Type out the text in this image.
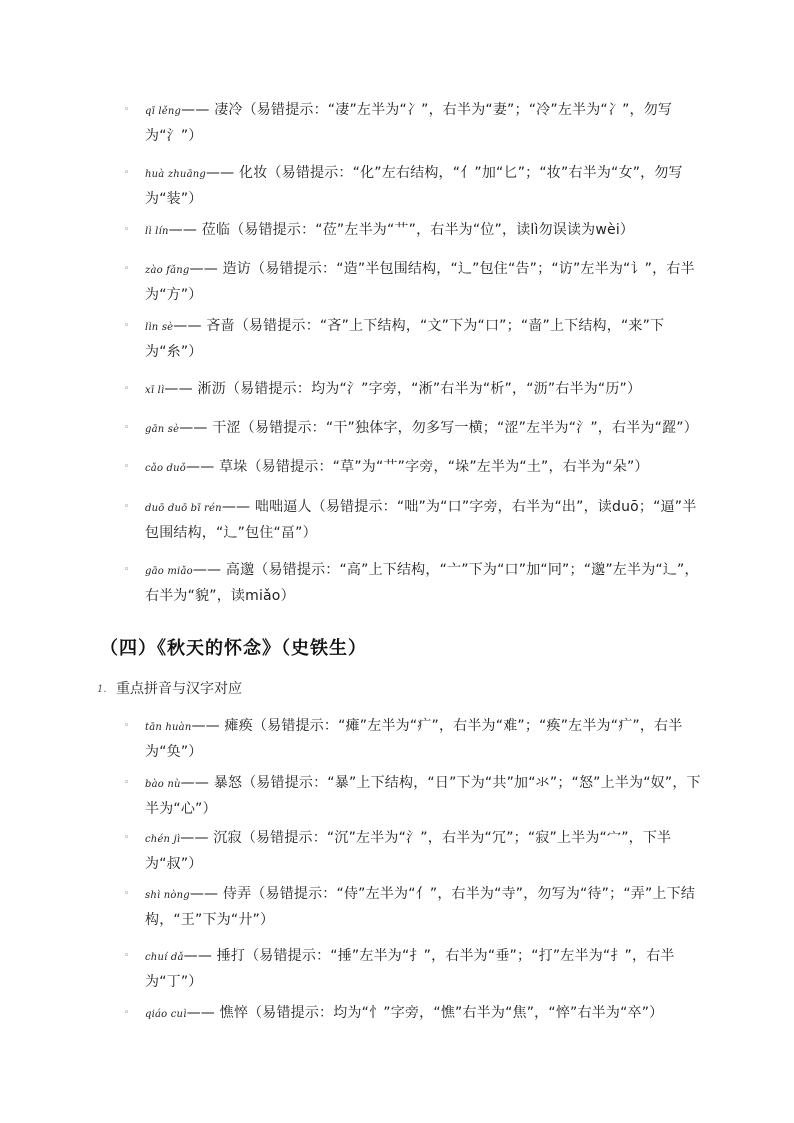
◦ qī lěng—— 凄冷（易错提示：“凄”左半为“冫”，右半为“妻”；“冷”左半为“冫”，勿写为“氵”）
◦ huà zhuāng—— 化妆（易错提示：“化”左右结构，“亻”加“匕”；“妆”右半为“女”，勿写为“装”）
◦ lì lín—— 莅临（易错提示：“莅”左半为“艹”，右半为“位”，读lì勿误读为wèi）
◦ zào fǎng—— 造访（易错提示：“造”半包围结构，“辶”包住“告”；“访”左半为“讠”，右半为“方”）
◦ lìn sè—— 吝啬（易错提示：“吝”上下结构，“文”下为“口”；“啬”上下结构，“来”下为“糸”）
◦ xī lì—— 淅沥（易错提示：均为“氵”字旁，“淅”右半为“析”，“沥”右半为“历”）
◦ gān sè—— 干涩（易错提示：“干”独体字，勿多写一横；“涩”左半为“氵”，右半为“歰”）
◦ cǎo duǒ—— 草垛（易错提示：“草”为“艹”字旁，“垛”左半为“土”，右半为“朵”）
◦ duō duō bī rén—— 咄咄逼人（易错提示：“咄”为“口”字旁，右半为“出”，读duō；“逼”半包围结构，“辶”包住“畐”）
◦ gāo miǎo—— 高邈（易错提示：“高”上下结构，“亠”下为“口”加“冋”；“邈”左半为“辶”，右半为“貌”，读miǎo）
（四）《秋天的怀念》（史铁生）
1. 重点拼音与汉字对应
◦ tān huàn—— 瘫痪（易错提示：“瘫”左半为“疒”，右半为“难”；“痪”左半为“疒”，右半为“奂”）
◦ bào nù—— 暴怒（易错提示：“暴”上下结构，“日”下为“共”加“氺”；“怒”上半为“奴”，下半为“心”）
◦ chén jì—— 沉寂（易错提示：“沉”左半为“氵”，右半为“冗”；“寂”上半为“宀”，下半为“叔”）
◦ shì nòng—— 侍弄（易错提示：“侍”左半为“亻”，右半为“寺”，勿写为“待”；“弄”上下结构，“王”下为“廾”）
◦ chuí dǎ—— 捶打（易错提示：“捶”左半为“扌”，右半为“垂”；“打”左半为“扌”，右半为“丁”）
◦ qiáo cuì—— 憔悴（易错提示：均为“忄”字旁，“憔”右半为“焦”，“悴”右半为“卒”）
